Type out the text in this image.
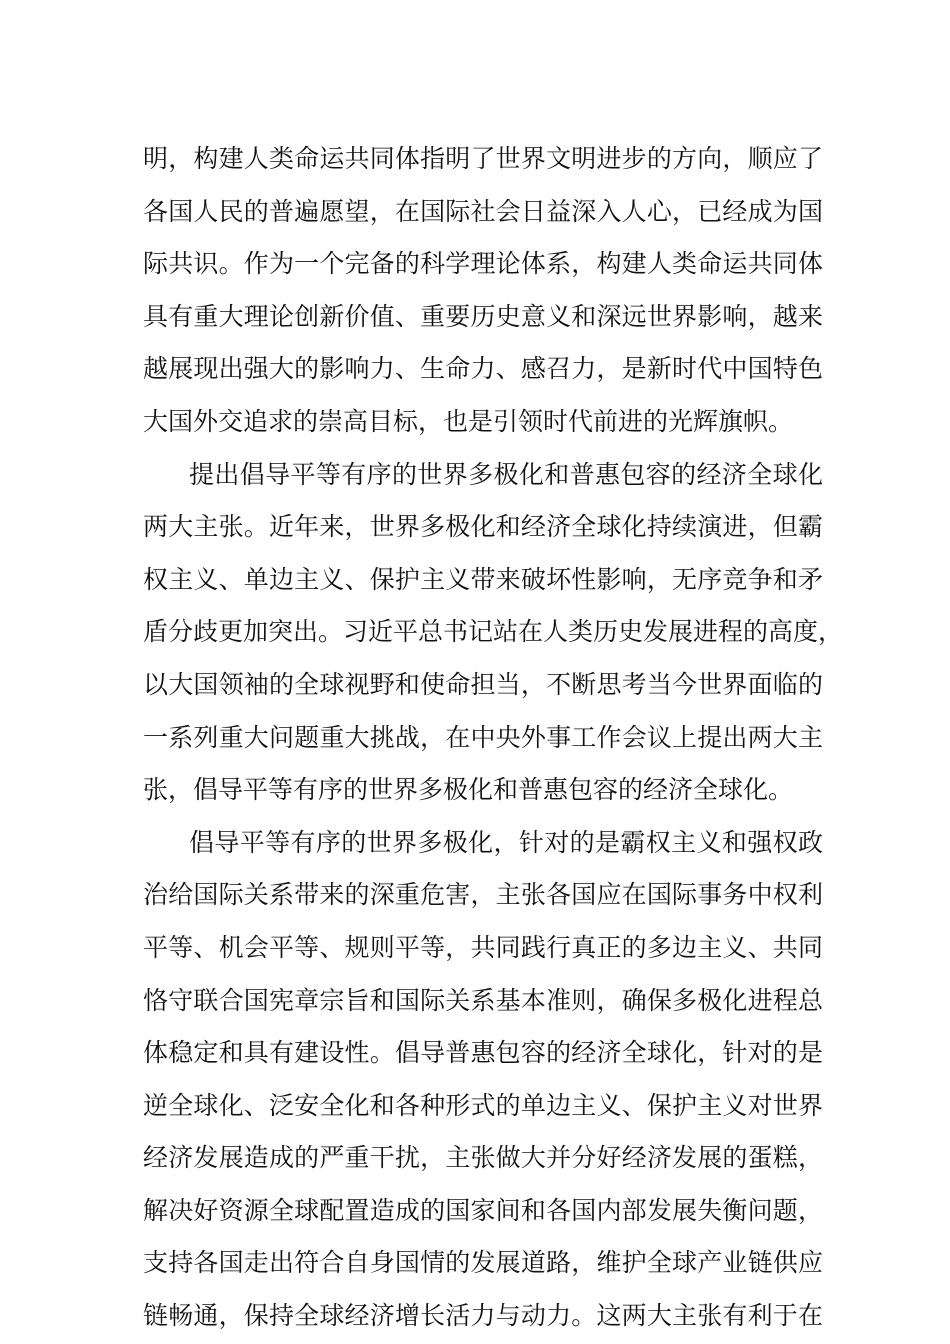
明，构建人类命运共同体指明了世界文明进步的方向，顺应了
各国人民的普遍愿望，在国际社会日益深入人心，已经成为国
际共识。作为一个完备的科学理论体系，构建人类命运共同体
具有重大理论创新价值、重要历史意义和深远世界影响，越来
越展现出强大的影响力、生命力、感召力，是新时代中国特色
大国外交追求的崇高目标，也是引领时代前进的光辉旗帜。
提出倡导平等有序的世界多极化和普惠包容的经济全球化
两大主张。近年来，世界多极化和经济全球化持续演进，但霸
权主义、单边主义、保护主义带来破坏性影响，无序竞争和矛
盾分歧更加突出。习近平总书记站在人类历史发展进程的高度，
以大国领袖的全球视野和使命担当，不断思考当今世界面临的
一系列重大问题重大挑战，在中央外事工作会议上提出两大主
张，倡导平等有序的世界多极化和普惠包容的经济全球化。
倡导平等有序的世界多极化，针对的是霸权主义和强权政
治给国际关系带来的深重危害，主张各国应在国际事务中权利
平等、机会平等、规则平等，共同践行真正的多边主义、共同
恪守联合国宪章宗旨和国际关系基本准则，确保多极化进程总
体稳定和具有建设性。倡导普惠包容的经济全球化，针对的是
逆全球化、泛安全化和各种形式的单边主义、保护主义对世界
经济发展造成的严重干扰，主张做大并分好经济发展的蛋糕，
解决好资源全球配置造成的国家间和各国内部发展失衡问题，
支持各国走出符合自身国情的发展道路，维护全球产业链供应
链畅通，保持全球经济增长活力与动力。这两大主张有利于在
